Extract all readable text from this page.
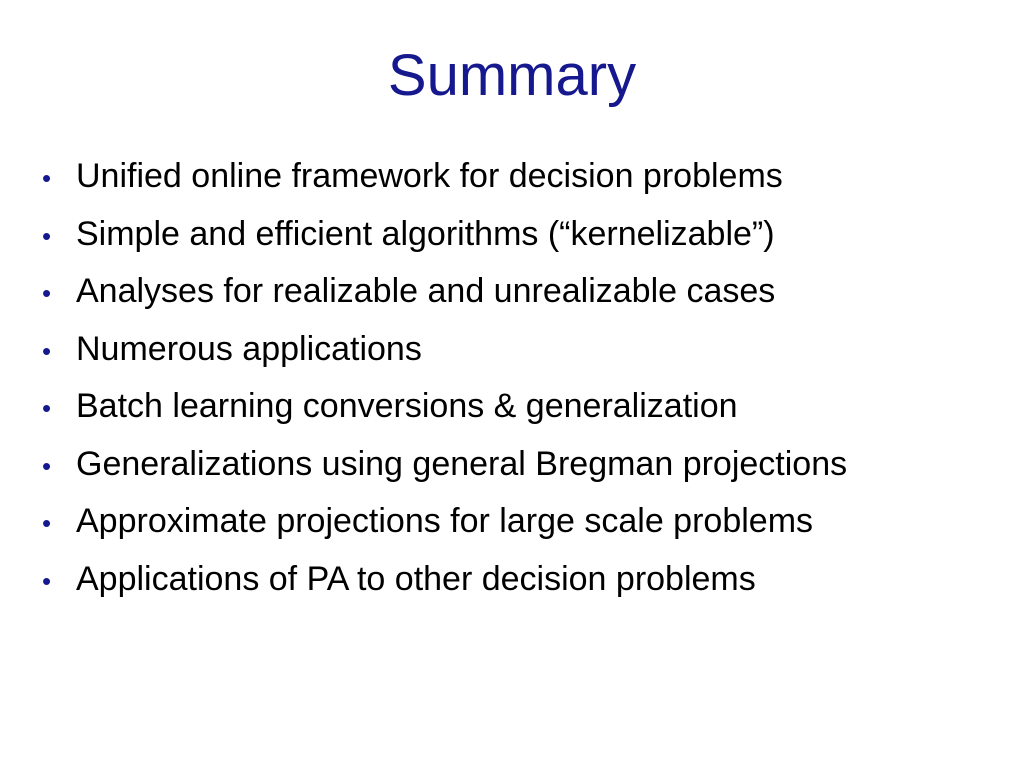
Summary
• Unified online framework for decision problems
• Simple and efficient algorithms (“kernelizable”)
• Analyses for realizable and unrealizable cases
• Numerous applications
• Batch learning conversions & generalization
• Generalizations using general Bregman projections
• Approximate projections for large scale problems
• Applications of PA to other decision problems
